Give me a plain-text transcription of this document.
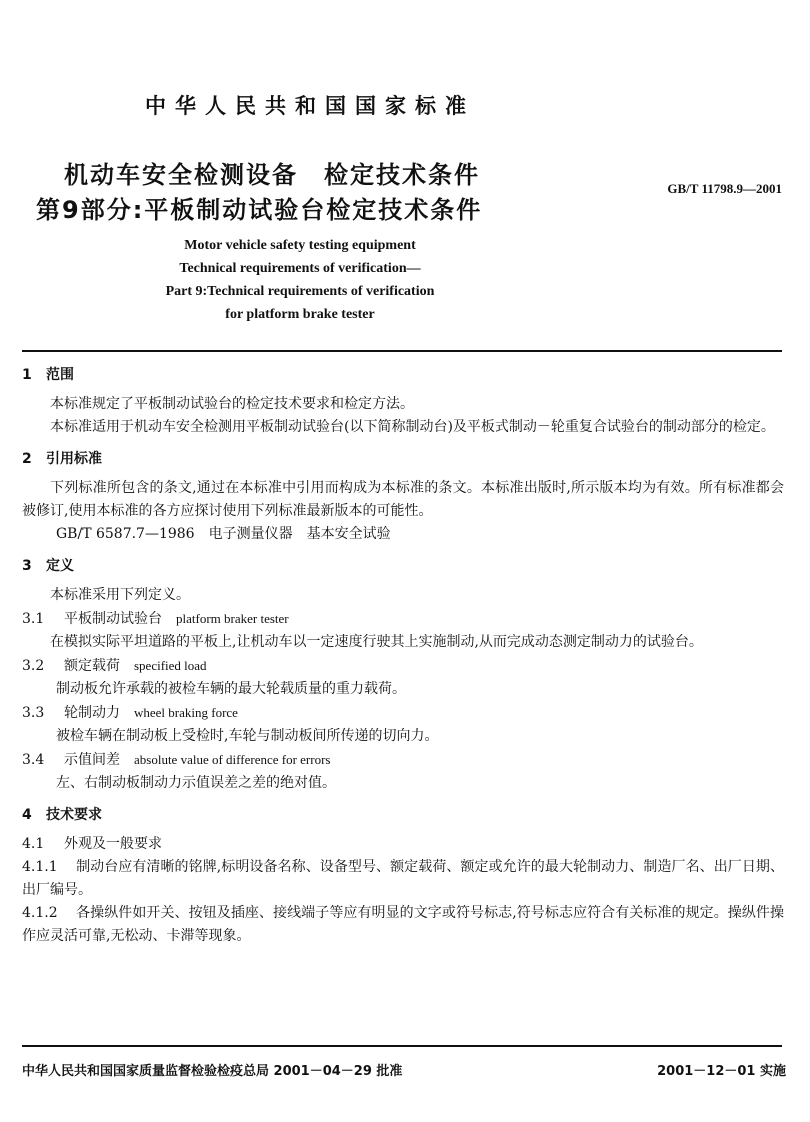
中华人民共和国国家标准
机动车安全检测设备　检定技术条件
第9部分:平板制动试验台检定技术条件
GB/T 11798.9—2001
Motor vehicle safety testing equipment
Technical requirements of verification—
Part 9:Technical requirements of verification
for platform brake tester
1 范围
本标准规定了平板制动试验台的检定技术要求和检定方法。
本标准适用于机动车安全检测用平板制动试验台(以下简称制动台)及平板式制动－轮重复合试验台的制动部分的检定。
2 引用标准
下列标准所包含的条文,通过在本标准中引用而构成为本标准的条文。本标准出版时,所示版本均为有效。所有标准都会被修订,使用本标准的各方应探讨使用下列标准最新版本的可能性。
GB/T 6587.7—1986 电子测量仪器　基本安全试验
3 定义
本标准采用下列定义。
3.1 平板制动试验台 platform braker tester
在模拟实际平坦道路的平板上,让机动车以一定速度行驶其上实施制动,从而完成动态测定制动力的试验台。
3.2 额定载荷 specified load
制动板允许承载的被检车辆的最大轮载质量的重力载荷。
3.3 轮制动力 wheel braking force
被检车辆在制动板上受检时,车轮与制动板间所传递的切向力。
3.4 示值间差 absolute value of difference for errors
左、右制动板制动力示值误差之差的绝对值。
4 技术要求
4.1 外观及一般要求
4.1.1 制动台应有清晰的铭牌,标明设备名称、设备型号、额定载荷、额定或允许的最大轮制动力、制造厂名、出厂日期、出厂编号。
4.1.2 各操纵件如开关、按钮及插座、接线端子等应有明显的文字或符号标志,符号标志应符合有关标准的规定。操纵件操作应灵活可靠,无松动、卡滞等现象。
中华人民共和国国家质量监督检验检疫总局 2001－04－29 批准	2001－12－01 实施
